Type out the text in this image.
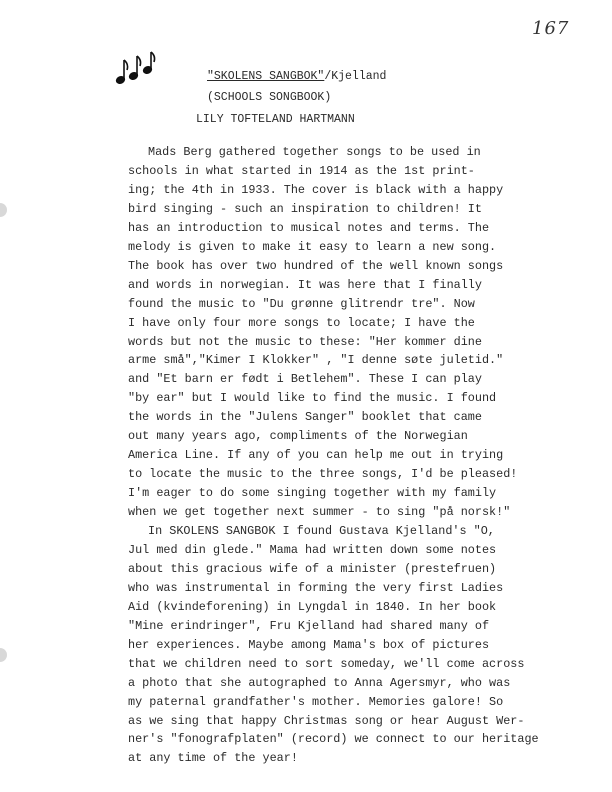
167
"SKOLENS SANGBOK"/Kjelland
(SCHOOLS SONGBOOK)
LILY TOFTELAND HARTMANN
Mads Berg gathered together songs to be used in
schools in what started in 1914 as the 1st print-
ing; the 4th in 1933. The cover is black with a happy
bird singing - such an inspiration to children! It
has an introduction to musical notes and terms. The
melody is given to make it easy to learn a new song.
The book has over two hundred of the well known songs
and words in norwegian. It was here that I finally
found the music to "Du grønne glitrendr tre". Now
I have only four more songs to locate; I have the
words but not the music to these: "Her kommer dine
arme små","Kimer I Klokker" , "I denne søte juletid."
and "Et barn er født i Betlehem". These I can play
"by ear" but I would like to find the music. I found
the words in the "Julens Sanger" booklet that came
out many years ago, compliments of the Norwegian
America Line. If any of you can help me out in trying
to locate the music to the three songs, I'd be pleased!
I'm eager to do some singing together with my family
when we get together next summer - to sing "på norsk!"
In SKOLENS SANGBOK I found Gustava Kjelland's "O,
Jul med din glede." Mama had written down some notes
about this gracious wife of a minister (prestefruen)
who was instrumental in forming the very first Ladies
Aid (kvindeforening) in Lyngdal in 1840. In her book
"Mine erindringer", Fru Kjelland had shared many of
her experiences. Maybe among Mama's box of pictures
that we children need to sort someday, we'll come across
a photo that she autographed to Anna Agersmyr, who was
my paternal grandfather's mother. Memories galore! So
as we sing that happy Christmas song or hear August Wer-
ner's "fonografplaten" (record) we connect to our heritage
at any time of the year!
